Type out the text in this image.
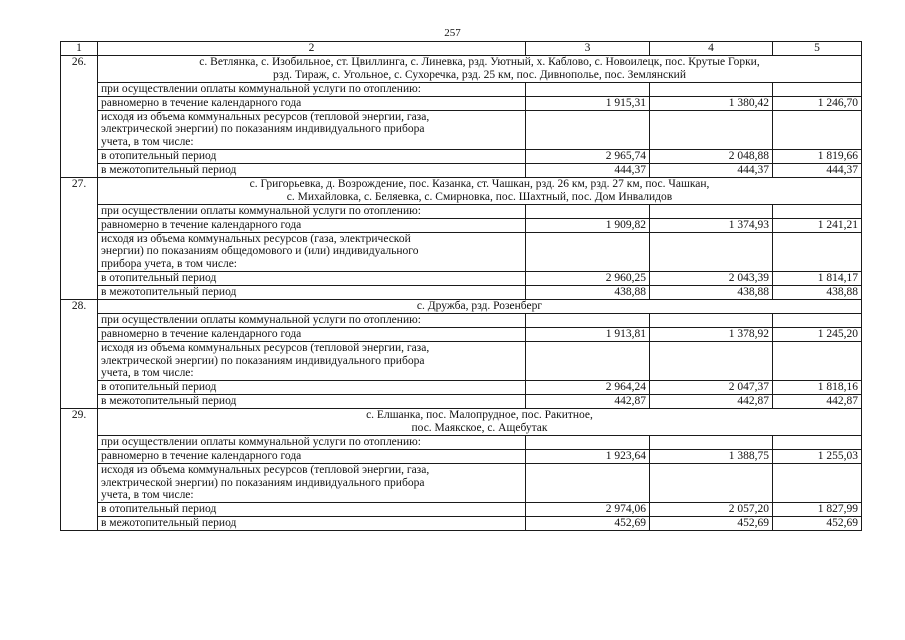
257
1	2	3	4	5
26.	с. Ветлянка, с. Изобильное, ст. Цвиллинга, с. Линевка, рзд. Уютный, х. Каблово, с. Новоилецк, пос. Крутые Горки,
рзд. Тираж, с. Угольное, с. Сухоречка, рзд. 25 км, пос. Дивнополье, пос. Землянский			

	при осуществлении оплаты коммунальной услуги по отоплению:			
	равномерно в течение календарного года	1 915,31	1 380,42	1 246,70

	исходя из объема коммунальных ресурсов (тепловой энергии, газа,
электрической энергии) по показаниям индивидуального прибора
учета, в том числе:			

	в отопительный период	2 965,74	2 048,88	1 819,66
	в межотопительный период	444,37	444,37	444,37
27.	с. Григорьевка, д. Возрождение, пос. Казанка, ст. Чашкан, рзд. 26 км, рзд. 27 км, пос. Чашкан,
с. Михайловка, с. Беляевка, с. Смирновка, пос. Шахтный, пос. Дом Инвалидов			

	при осуществлении оплаты коммунальной услуги по отоплению:			
	равномерно в течение календарного года	1 909,82	1 374,93	1 241,21

	исходя из объема коммунальных ресурсов (газа, электрической
энергии) по показаниям общедомового и (или) индивидуального
прибора учета, в том числе:			

	в отопительный период	2 960,25	2 043,39	1 814,17
	в межотопительный период	438,88	438,88	438,88
28.	с. Дружба, рзд. Розенберг			

	при осуществлении оплаты коммунальной услуги по отоплению:			
	равномерно в течение календарного года	1 913,81	1 378,92	1 245,20

	исходя из объема коммунальных ресурсов (тепловой энергии, газа,
электрической энергии) по показаниям индивидуального прибора
учета, в том числе:			

	в отопительный период	2 964,24	2 047,37	1 818,16
	в межотопительный период	442,87	442,87	442,87
29.	с. Елшанка, пос. Малопрудное, пос. Ракитное,
пос. Маякское, с. Ащебутак			

	при осуществлении оплаты коммунальной услуги по отоплению:			
	равномерно в течение календарного года	1 923,64	1 388,75	1 255,03

	исходя из объема коммунальных ресурсов (тепловой энергии, газа,
электрической энергии) по показаниям индивидуального прибора
учета, в том числе:			

	в отопительный период	2 974,06	2 057,20	1 827,99
	в межотопительный период	452,69	452,69	452,69
